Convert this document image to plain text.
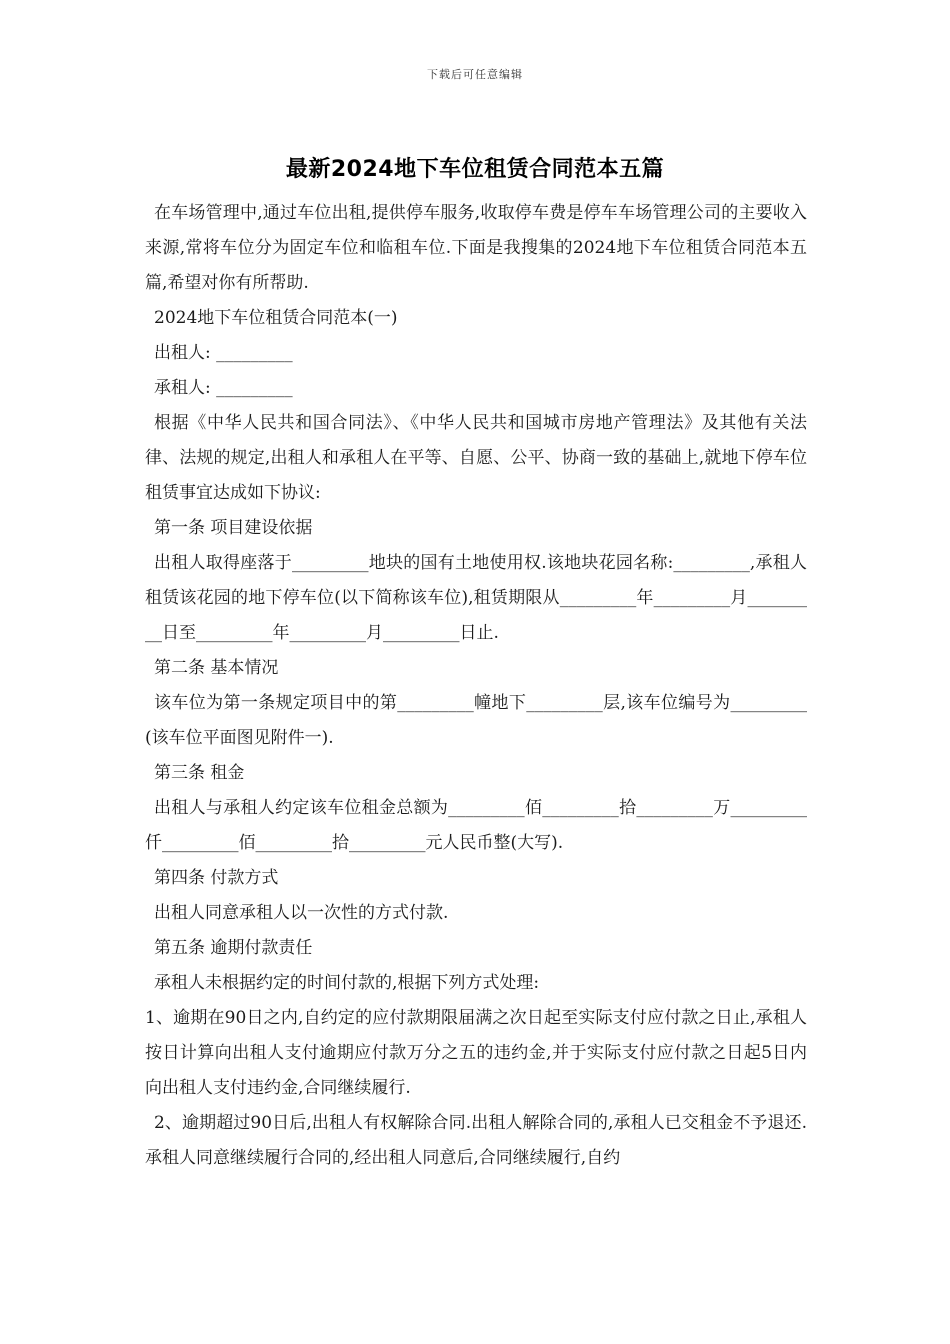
下载后可任意编辑
最新2024地下车位租赁合同范本五篇

在车场管理中,通过车位出租,提供停车服务,收取停车费是停车车场管理公司的主要收入来源,常将车位分为固定车位和临租车位.下面是我搜集的2024地下车位租赁合同范本五篇,希望对你有所帮助.

2024地下车位租赁合同范本(一)

出租人: _________

承租人: _________

根据《中华人民共和国合同法》、《中华人民共和国城市房地产管理法》及其他有关法律、法规的规定,出租人和承租人在平等、自愿、公平、协商一致的基础上,就地下停车位租赁事宜达成如下协议:

第一条 项目建设依据

出租人取得座落于_________地块的国有土地使用权.该地块花园名称:_________,承租人租赁该花园的地下停车位(以下简称该车位),租赁期限从_________年_________月_________日至_________年_________月_________日止.

第二条 基本情况

该车位为第一条规定项目中的第_________幢地下_________层,该车位编号为_________(该车位平面图见附件一).

第三条 租金

出租人与承租人约定该车位租金总额为_________佰_________拾_________万_________仟_________佰_________拾_________元人民币整(大写).

第四条 付款方式

出租人同意承租人以一次性的方式付款.

第五条 逾期付款责任

承租人未根据约定的时间付款的,根据下列方式处理:

1、逾期在90日之内,自约定的应付款期限届满之次日起至实际支付应付款之日止,承租人按日计算向出租人支付逾期应付款万分之五的违约金,并于实际支付应付款之日起5日内向出租人支付违约金,合同继续履行.

2、逾期超过90日后,出租人有权解除合同.出租人解除合同的,承租人已交租金不予退还.承租人同意继续履行合同的,经出租人同意后,合同继续履行,自约
